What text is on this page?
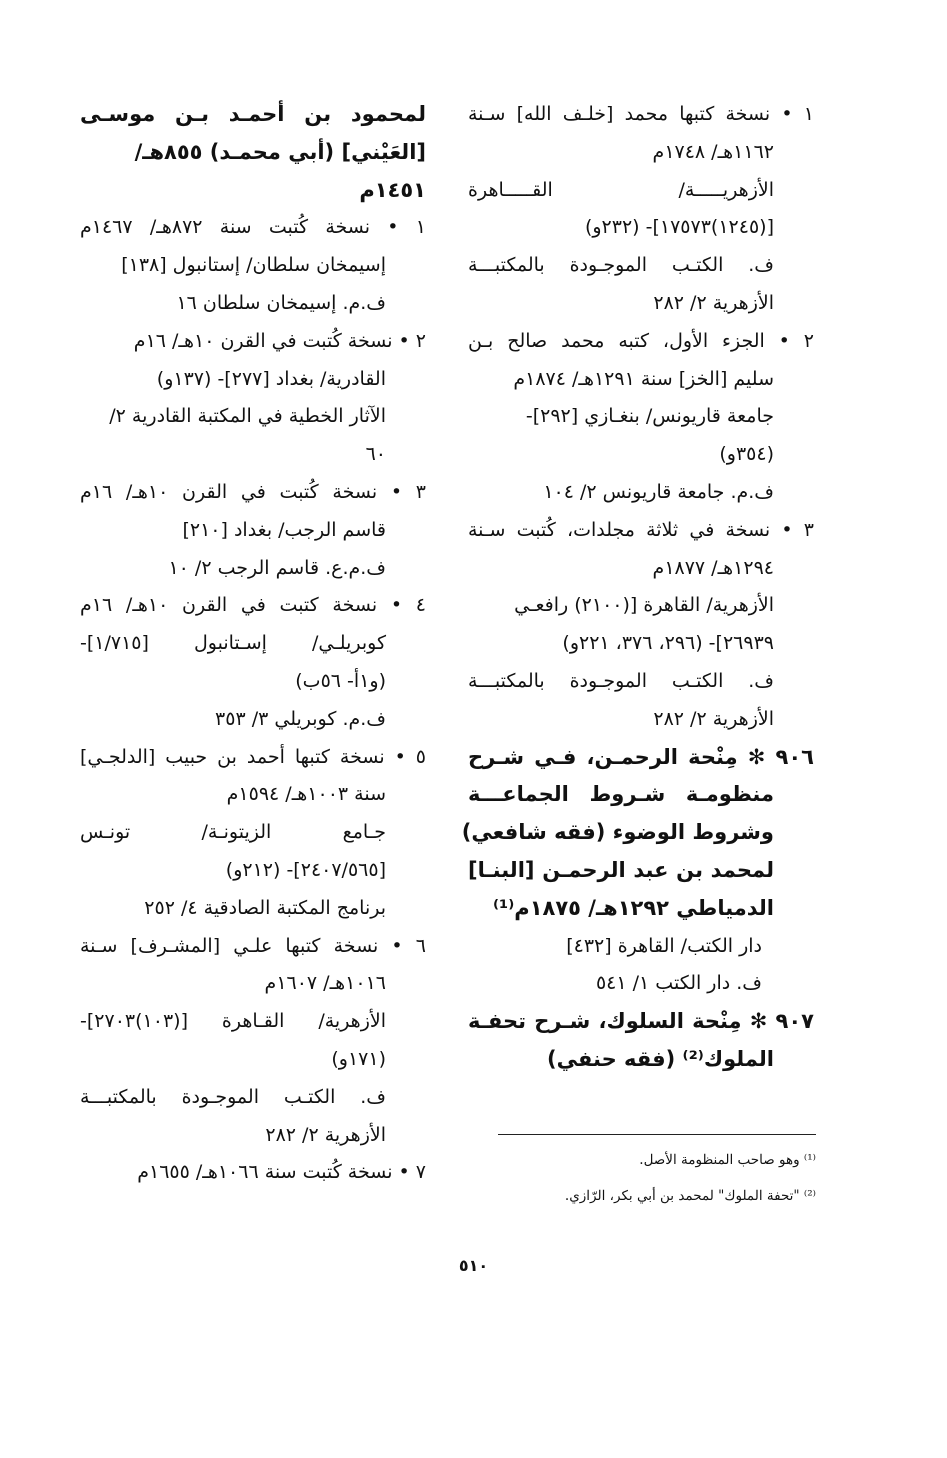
١ • نسخة كتبها محمد [خلـف الله] سـنة
١١٦٢هـ/ ١٧٤٨م
الأزهريـــــة/ القـــــاهرة
[(١٢٤٥)١٧٥٧٣]- (٢٣٢و)
ف. الكتـب الموجـودة بالمكتبـــة
الأزهرية ٢/ ٢٨٢
٢ • الجزء الأول، كتبه محمد صالح بـن
سليم [الخز] سنة ١٢٩١هـ/ ١٨٧٤م
جامعة قاريونس/ بنغـازي [٢٩٢]-
(٣٥٤و)
ف.م. جامعة قاريونس ٢/ ١٠٤
٣ • نسخة في ثلاثة مجلدات، كُتبت سـنة
١٢٩٤هـ/ ١٨٧٧م
الأزهرية/ القاهرة [(٢١٠٠) رافعـي
٢٦٩٣٩]- (٢٩٦، ٣٧٦، ٢٢١و)
ف. الكتـب الموجـودة بالمكتبـــة
الأزهرية ٢/ ٢٨٢
٩٠٦ ✻ مِنْحة الرحمـن، فـي شـرح
منظومـة شـروط الجماعـــة
وشروط الوضوء (فقه شافعي)
لمحمد بن عبد الرحمـن [البنـا]
الدمياطي ١٢٩٢هـ/ ١٨٧٥م⁽¹⁾
دار الكتب/ القاهرة [٤٣٢]
ف. دار الكتب ١/ ٥٤١
٩٠٧ ✻ مِنْحة السلوك، شـرح تحفـة
الملوك⁽²⁾ (فقه حنفي)
لمحمود بن أحمـد بـن موسـى
[العَيْني] (أبي محمـد) ٨٥٥هـ/
١٤٥١م
١ • نسخة كُتبت سنة ٨٧٢هـ/ ١٤٦٧م
إسيمخان سلطان/ إستانبول [١٣٨]
ف.م. إسيمخان سلطان ١٦
٢ • نسخة كُتبت في القرن ١٠هـ/ ١٦م
القادرية/ بغداد [٢٧٧]- (١٣٧و)
الآثار الخطية في المكتبة القادرية ٢/
٦٠
٣ • نسخة كُتبت في القرن ١٠هـ/ ١٦م
قاسم الرجب/ بغداد [٢١٠]
ف.م.ع. قاسم الرجب ٢/ ١٠
٤ • نسخة كتبت في القرن ١٠هـ/ ١٦م
كوبريلـي/ إسـتانبول [١/٧١٥]-
(و١أ- ٥٦ب)
ف.م. كوبريلي ٣/ ٣٥٣
٥ • نسخة كتبها أحمد بن حبيب [الدلجـي]
سنة ١٠٠٣هـ/ ١٥٩٤م
جـامع الزيتونـة/ تونـس
[٢٤٠٧/٥٦٥]- (٢١٢و)
برنامج المكتبة الصادقية ٤/ ٢٥٢
٦ • نسخة كتبها علـي [المشـرف] سـنة
١٠١٦هـ/ ١٦٠٧م
الأزهرية/ القـاهرة [(١٠٣)٢٧٠٣]-
(١٧١و)
ف. الكتـب الموجـودة بالمكتبـــة
الأزهرية ٢/ ٢٨٢
٧ • نسخة كُتبت سنة ١٠٦٦هـ/ ١٦٥٥م
⁽¹⁾ وهو صاحب المنظومة الأصل.
⁽²⁾ "تحفة الملوك" لمحمد بن أبي بكر، الرّازي.
٥١٠
